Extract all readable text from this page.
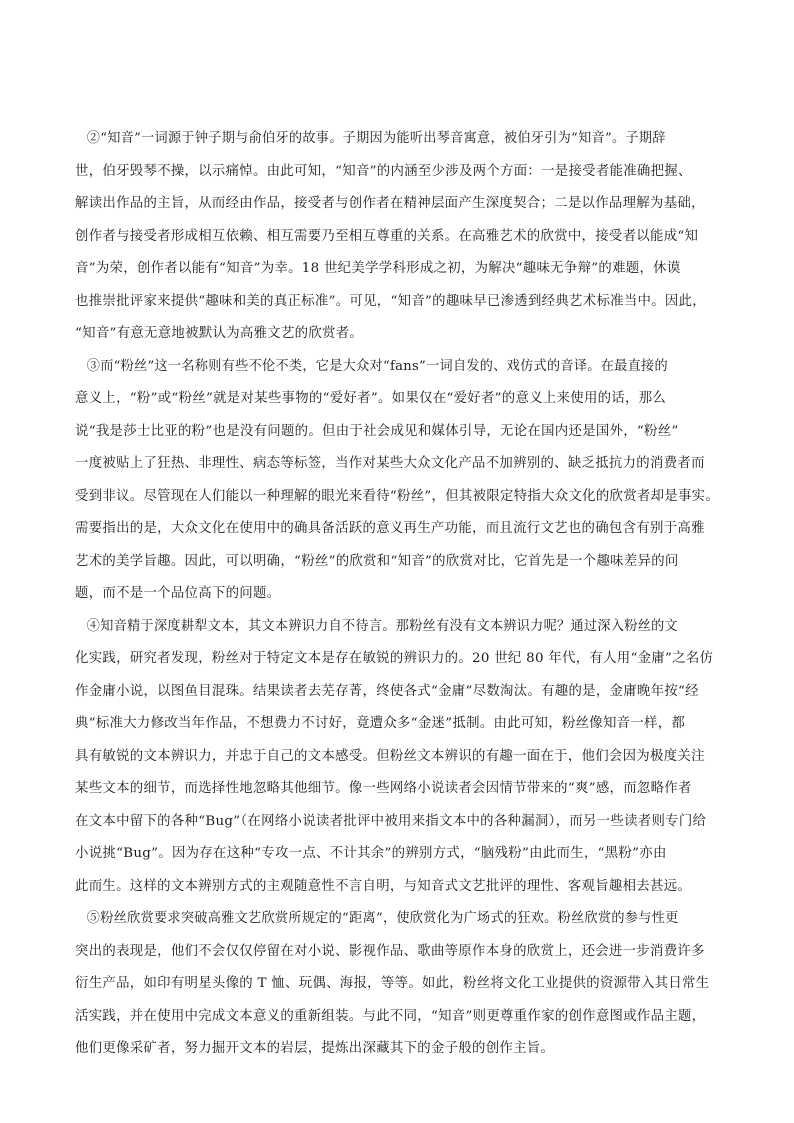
②“知音”一词源于钟子期与俞伯牙的故事。子期因为能听出琴音寓意，被伯牙引为“知音”。子期辞
世，伯牙毁琴不操，以示痛悼。由此可知，“知音”的内涵至少涉及两个方面：一是接受者能准确把握、
解读出作品的主旨，从而经由作品，接受者与创作者在精神层面产生深度契合；二是以作品理解为基础，
创作者与接受者形成相互依赖、相互需要乃至相互尊重的关系。在高雅艺术的欣赏中，接受者以能成“知
音”为荣，创作者以能有“知音”为幸。18 世纪美学学科形成之初，为解决“趣味无争辩”的难题，休谟
也推崇批评家来提供“趣味和美的真正标准”。可见，“知音”的趣味早已渗透到经典艺术标准当中。因此，
“知音”有意无意地被默认为高雅文艺的欣赏者。

③而“粉丝”这一名称则有些不伦不类，它是大众对“fans”一词自发的、戏仿式的音译。在最直接的
意义上，“粉”或“粉丝”就是对某些事物的“爱好者”。如果仅在“爱好者”的意义上来使用的话，那么
说“我是莎士比亚的粉”也是没有问题的。但由于社会成见和媒体引导，无论在国内还是国外，“粉丝”
一度被贴上了狂热、非理性、病态等标签，当作对某些大众文化产品不加辨别的、缺乏抵抗力的消费者而
受到非议。尽管现在人们能以一种理解的眼光来看待“粉丝”，但其被限定特指大众文化的欣赏者却是事实。
需要指出的是，大众文化在使用中的确具备活跃的意义再生产功能，而且流行文艺也的确包含有别于高雅
艺术的美学旨趣。因此，可以明确，“粉丝”的欣赏和“知音”的欣赏对比，它首先是一个趣味差异的问
题，而不是一个品位高下的问题。

④知音精于深度耕犁文本，其文本辨识力自不待言。那粉丝有没有文本辨识力呢？通过深入粉丝的文
化实践，研究者发现，粉丝对于特定文本是存在敏锐的辨识力的。20 世纪 80 年代，有人用“金庸”之名仿
作金庸小说，以图鱼目混珠。结果读者去芜存菁，终使各式“金庸”尽数淘汰。有趣的是，金庸晚年按“经
典”标准大力修改当年作品，不想费力不讨好，竟遭众多“金迷”抵制。由此可知，粉丝像知音一样，都
具有敏锐的文本辨识力，并忠于自己的文本感受。但粉丝文本辨识的有趣一面在于，他们会因为极度关注
某些文本的细节，而选择性地忽略其他细节。像一些网络小说读者会因情节带来的“爽”感，而忽略作者
在文本中留下的各种“Bug”（在网络小说读者批评中被用来指文本中的各种漏洞），而另一些读者则专门给
小说挑“Bug”。因为存在这种“专攻一点、不计其余”的辨别方式，“脑残粉”由此而生，“黑粉”亦由
此而生。这样的文本辨别方式的主观随意性不言自明，与知音式文艺批评的理性、客观旨趣相去甚远。

⑤粉丝欣赏要求突破高雅文艺欣赏所规定的“距离”，使欣赏化为广场式的狂欢。粉丝欣赏的参与性更
突出的表现是，他们不会仅仅停留在对小说、影视作品、歌曲等原作本身的欣赏上，还会进一步消费许多
衍生产品，如印有明星头像的 T 恤、玩偶、海报，等等。如此，粉丝将文化工业提供的资源带入其日常生
活实践，并在使用中完成文本意义的重新组装。与此不同，“知音”则更尊重作家的创作意图或作品主题，
他们更像采矿者，努力掘开文本的岩层，提炼出深藏其下的金子般的创作主旨。
